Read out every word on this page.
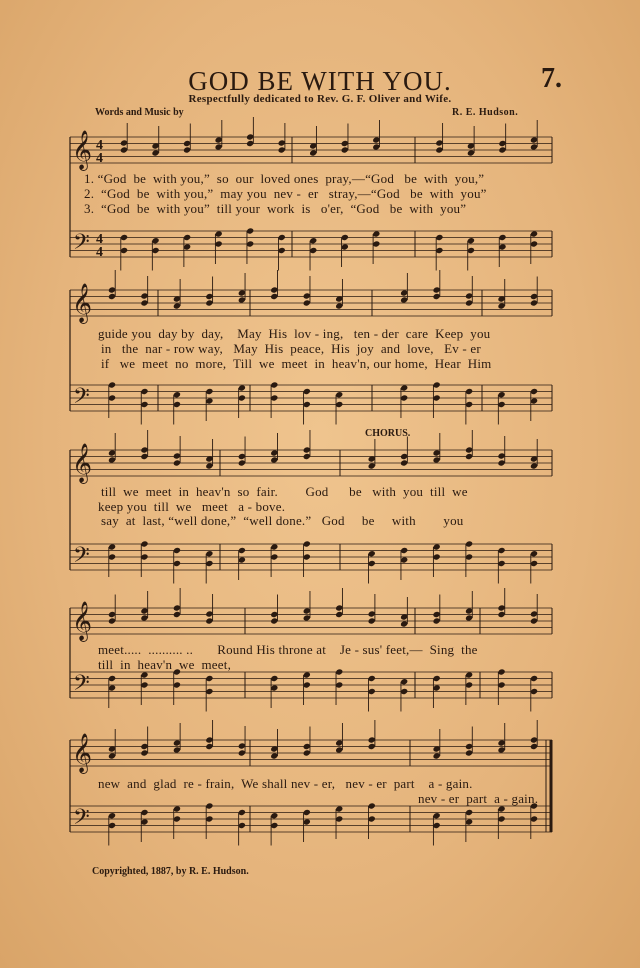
GOD BE WITH YOU.	7.
Respectfully dedicated to Rev. G. F. Oliver and Wife.
Words and Music by	R. E. Hudson.
CHORUS.
𝄞
𝄢
4
4
4
4
𝄞
𝄢
𝄞
𝄢
𝄞
𝄢
𝄞
𝄢
1. “God  be  with you,”  so  our  loved ones  pray,—“God   be  with  you,”
2.  “God  be  with you,”  may you  nev -  er   stray,—“God   be  with  you”
3.  “God  be  with you”  till your  work  is   o'er,  “God   be  with  you”
guide you  day by  day,    May  His  lov - ing,   ten - der  care  Keep  you
in   the  nar - row way,   May  His  peace,  His  joy  and  love,   Ev - er
if   we  meet  no  more,  Till  we  meet  in  heav'n, our home,  Hear  Him
till  we  meet  in  heav'n  so  fair.        God      be   with  you  till  we
keep you  till  we   meet   a - bove.
say  at  last, “well done,”  “well done.”   God     be     with        you
meet.....  .......... ..       Round His throne at    Je - sus' feet,—  Sing  the
till  in  heav'n  we  meet,
new  and  glad  re - frain,  We shall nev - er,   nev - er  part    a - gain.
nev - er  part  a - gain.
Copyrighted, 1887, by R. E. Hudson.
